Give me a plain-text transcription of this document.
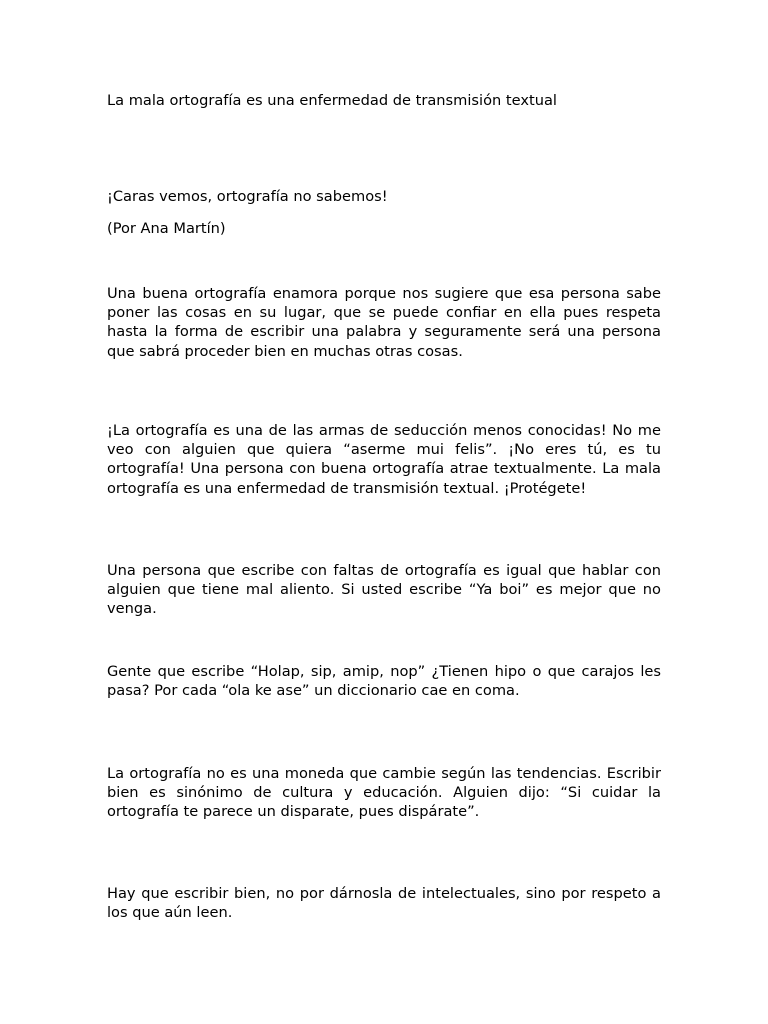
La mala ortografía es una enfermedad de transmisión textual

¡Caras vemos, ortografía no sabemos!

(Por Ana Martín)

Una buena ortografía enamora porque nos sugiere que esa persona sabe poner las cosas en su lugar, que se puede confiar en ella pues respeta hasta la forma de escribir una palabra y seguramente será una persona que sabrá proceder bien en muchas otras cosas.

¡La ortografía es una de las armas de seducción menos conocidas! No me veo con alguien que quiera “aserme mui felis”. ¡No eres tú, es tu ortografía! Una persona con buena ortografía atrae textualmente. La mala ortografía es una enfermedad de transmisión textual. ¡Protégete!

Una persona que escribe con faltas de ortografía es igual que hablar con alguien que tiene mal aliento. Si usted escribe “Ya boi” es mejor que no venga.

Gente que escribe “Holap, sip, amip, nop” ¿Tienen hipo o que carajos les pasa? Por cada “ola ke ase” un diccionario cae en coma.

La ortografía no es una moneda que cambie según las tendencias. Escribir bien es sinónimo de cultura y educación. Alguien dijo: “Si cuidar la ortografía te parece un disparate, pues dispárate”.

Hay que escribir bien, no por dárnosla de intelectuales, sino por respeto a los que aún leen.
